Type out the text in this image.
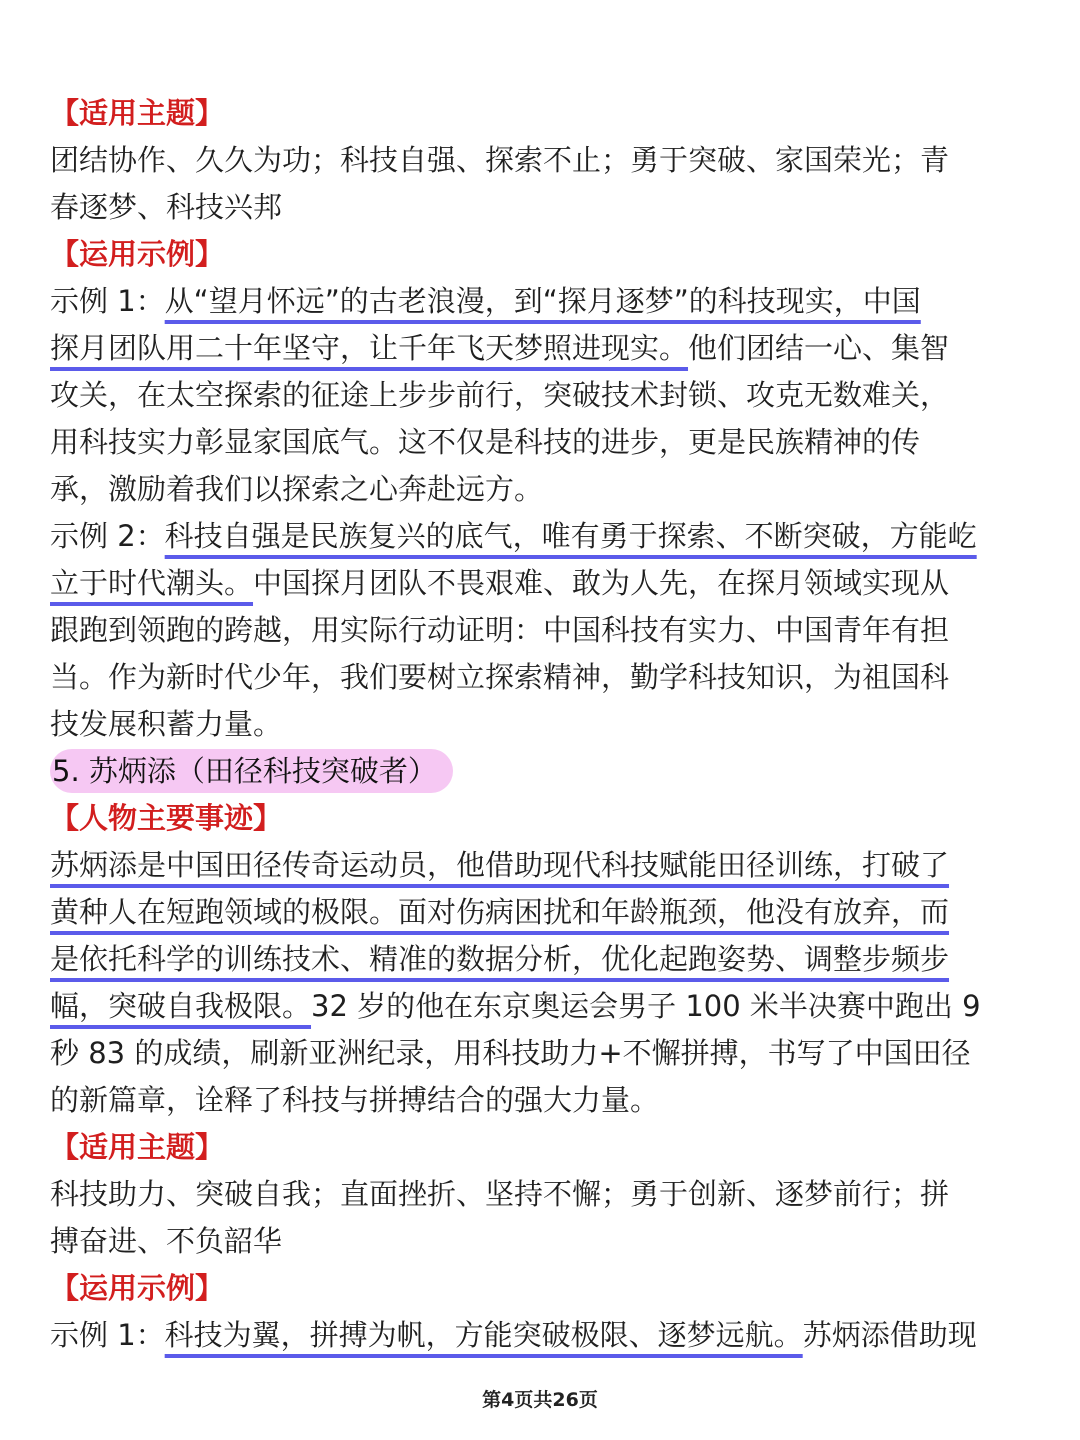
【适用主题】
团结协作、久久为功；科技自强、探索不止；勇于突破、家国荣光；青
春逐梦、科技兴邦
【运用示例】
示例 1：从“望月怀远”的古老浪漫，到“探月逐梦”的科技现实，中国
探月团队用二十年坚守，让千年飞天梦照进现实。他们团结一心、集智
攻关，在太空探索的征途上步步前行，突破技术封锁、攻克无数难关，
用科技实力彰显家国底气。这不仅是科技的进步，更是民族精神的传
承，激励着我们以探索之心奔赴远方。
示例 2：科技自强是民族复兴的底气，唯有勇于探索、不断突破，方能屹
立于时代潮头。中国探月团队不畏艰难、敢为人先，在探月领域实现从
跟跑到领跑的跨越，用实际行动证明：中国科技有实力、中国青年有担
当。作为新时代少年，我们要树立探索精神，勤学科技知识，为祖国科
技发展积蓄力量。
5. 苏炳添（田径科技突破者）
【人物主要事迹】
苏炳添是中国田径传奇运动员，他借助现代科技赋能田径训练，打破了
黄种人在短跑领域的极限。面对伤病困扰和年龄瓶颈，他没有放弃，而
是依托科学的训练技术、精准的数据分析，优化起跑姿势、调整步频步
幅，突破自我极限。32 岁的他在东京奥运会男子 100 米半决赛中跑出 9
秒 83 的成绩，刷新亚洲纪录，用科技助力+不懈拼搏，书写了中国田径
的新篇章，诠释了科技与拼搏结合的强大力量。
【适用主题】
科技助力、突破自我；直面挫折、坚持不懈；勇于创新、逐梦前行；拼
搏奋进、不负韶华
【运用示例】
示例 1：科技为翼，拼搏为帆，方能突破极限、逐梦远航。苏炳添借助现
第4页共26页
